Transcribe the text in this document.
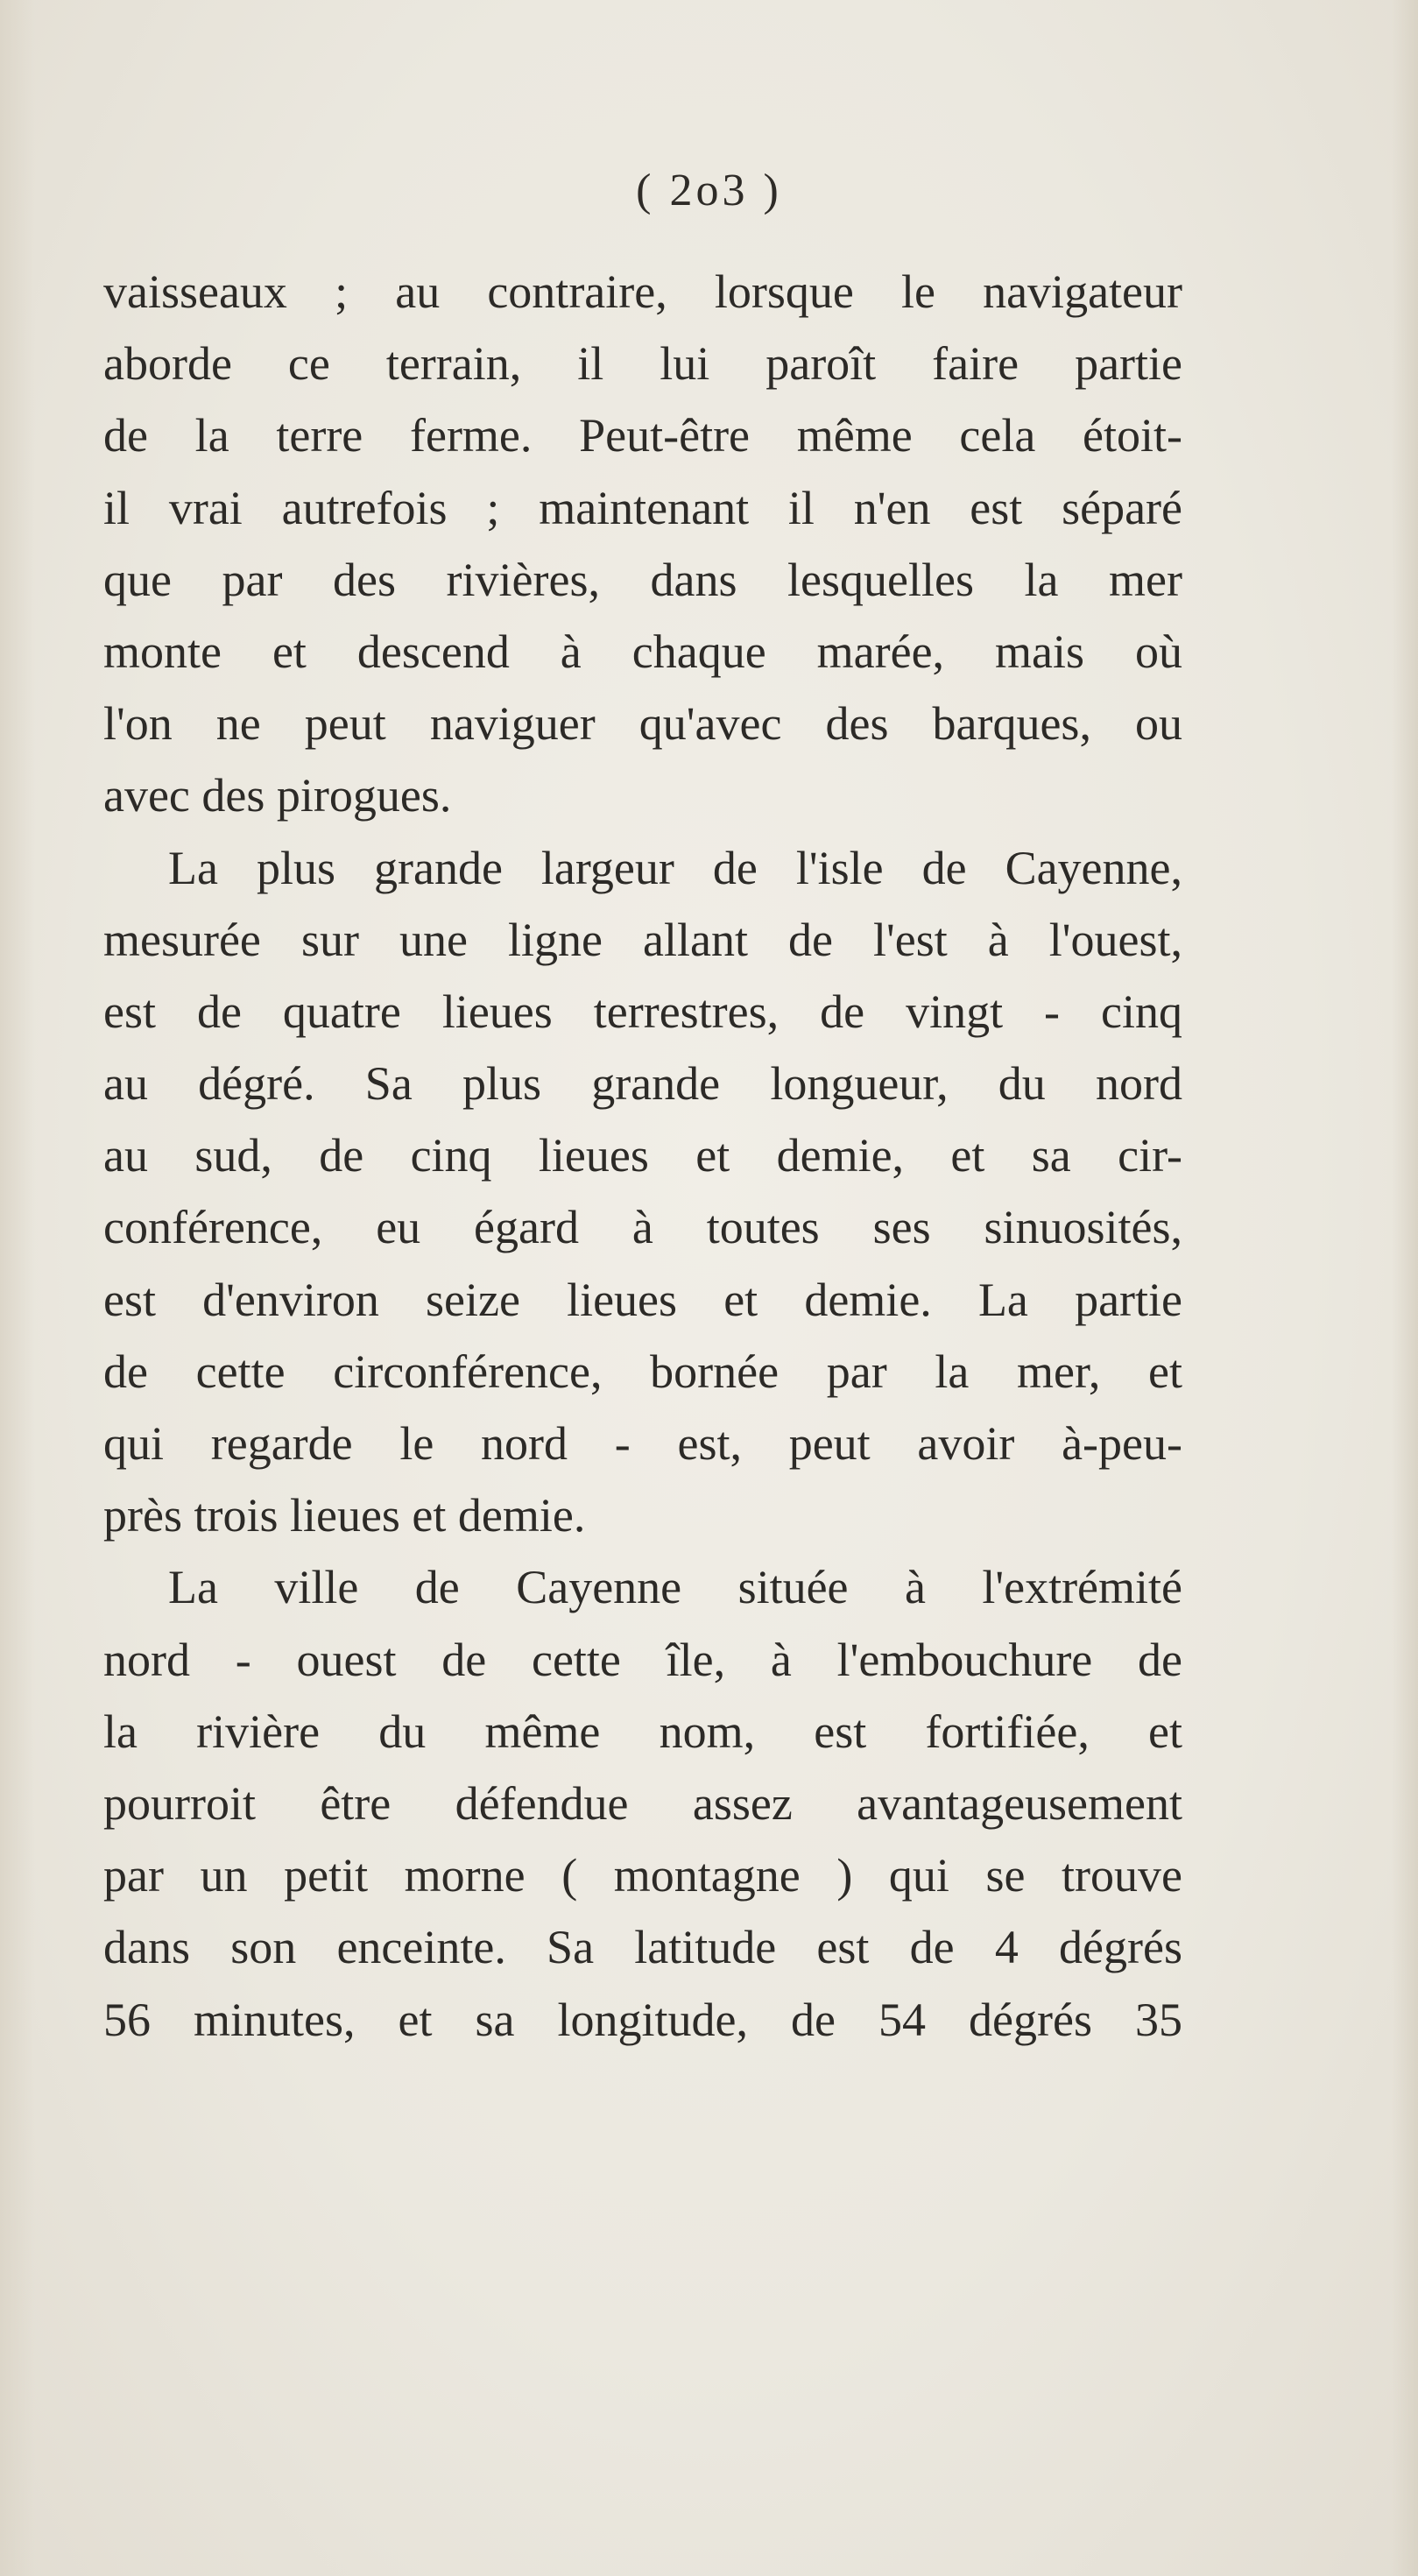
( 2o3 )
vaisseaux ; au contraire, lorsque le navigateur
aborde ce terrain, il lui paroît faire partie
de la terre ferme. Peut-être même cela étoit-
il vrai autrefois ; maintenant il n'en est séparé
que par des rivières, dans lesquelles la mer
monte et descend à chaque marée, mais où
l'on ne peut naviguer qu'avec des barques, ou
avec des pirogues.
La plus grande largeur de l'isle de Cayenne,
mesurée sur une ligne allant de l'est à l'ouest,
est de quatre lieues terrestres, de vingt - cinq
au dégré. Sa plus grande longueur, du nord
au sud, de cinq lieues et demie, et sa cir-
conférence, eu égard à toutes ses sinuosités,
est d'environ seize lieues et demie. La partie
de cette circonférence, bornée par la mer, et
qui regarde le nord - est, peut avoir à-peu-
près trois lieues et demie.
La ville de Cayenne située à l'extrémité
nord - ouest de cette île, à l'embouchure de
la rivière du même nom, est fortifiée, et
pourroit être défendue assez avantageusement
par un petit morne ( montagne ) qui se trouve
dans son enceinte. Sa latitude est de 4 dégrés
56 minutes, et sa longitude, de 54 dégrés 35
